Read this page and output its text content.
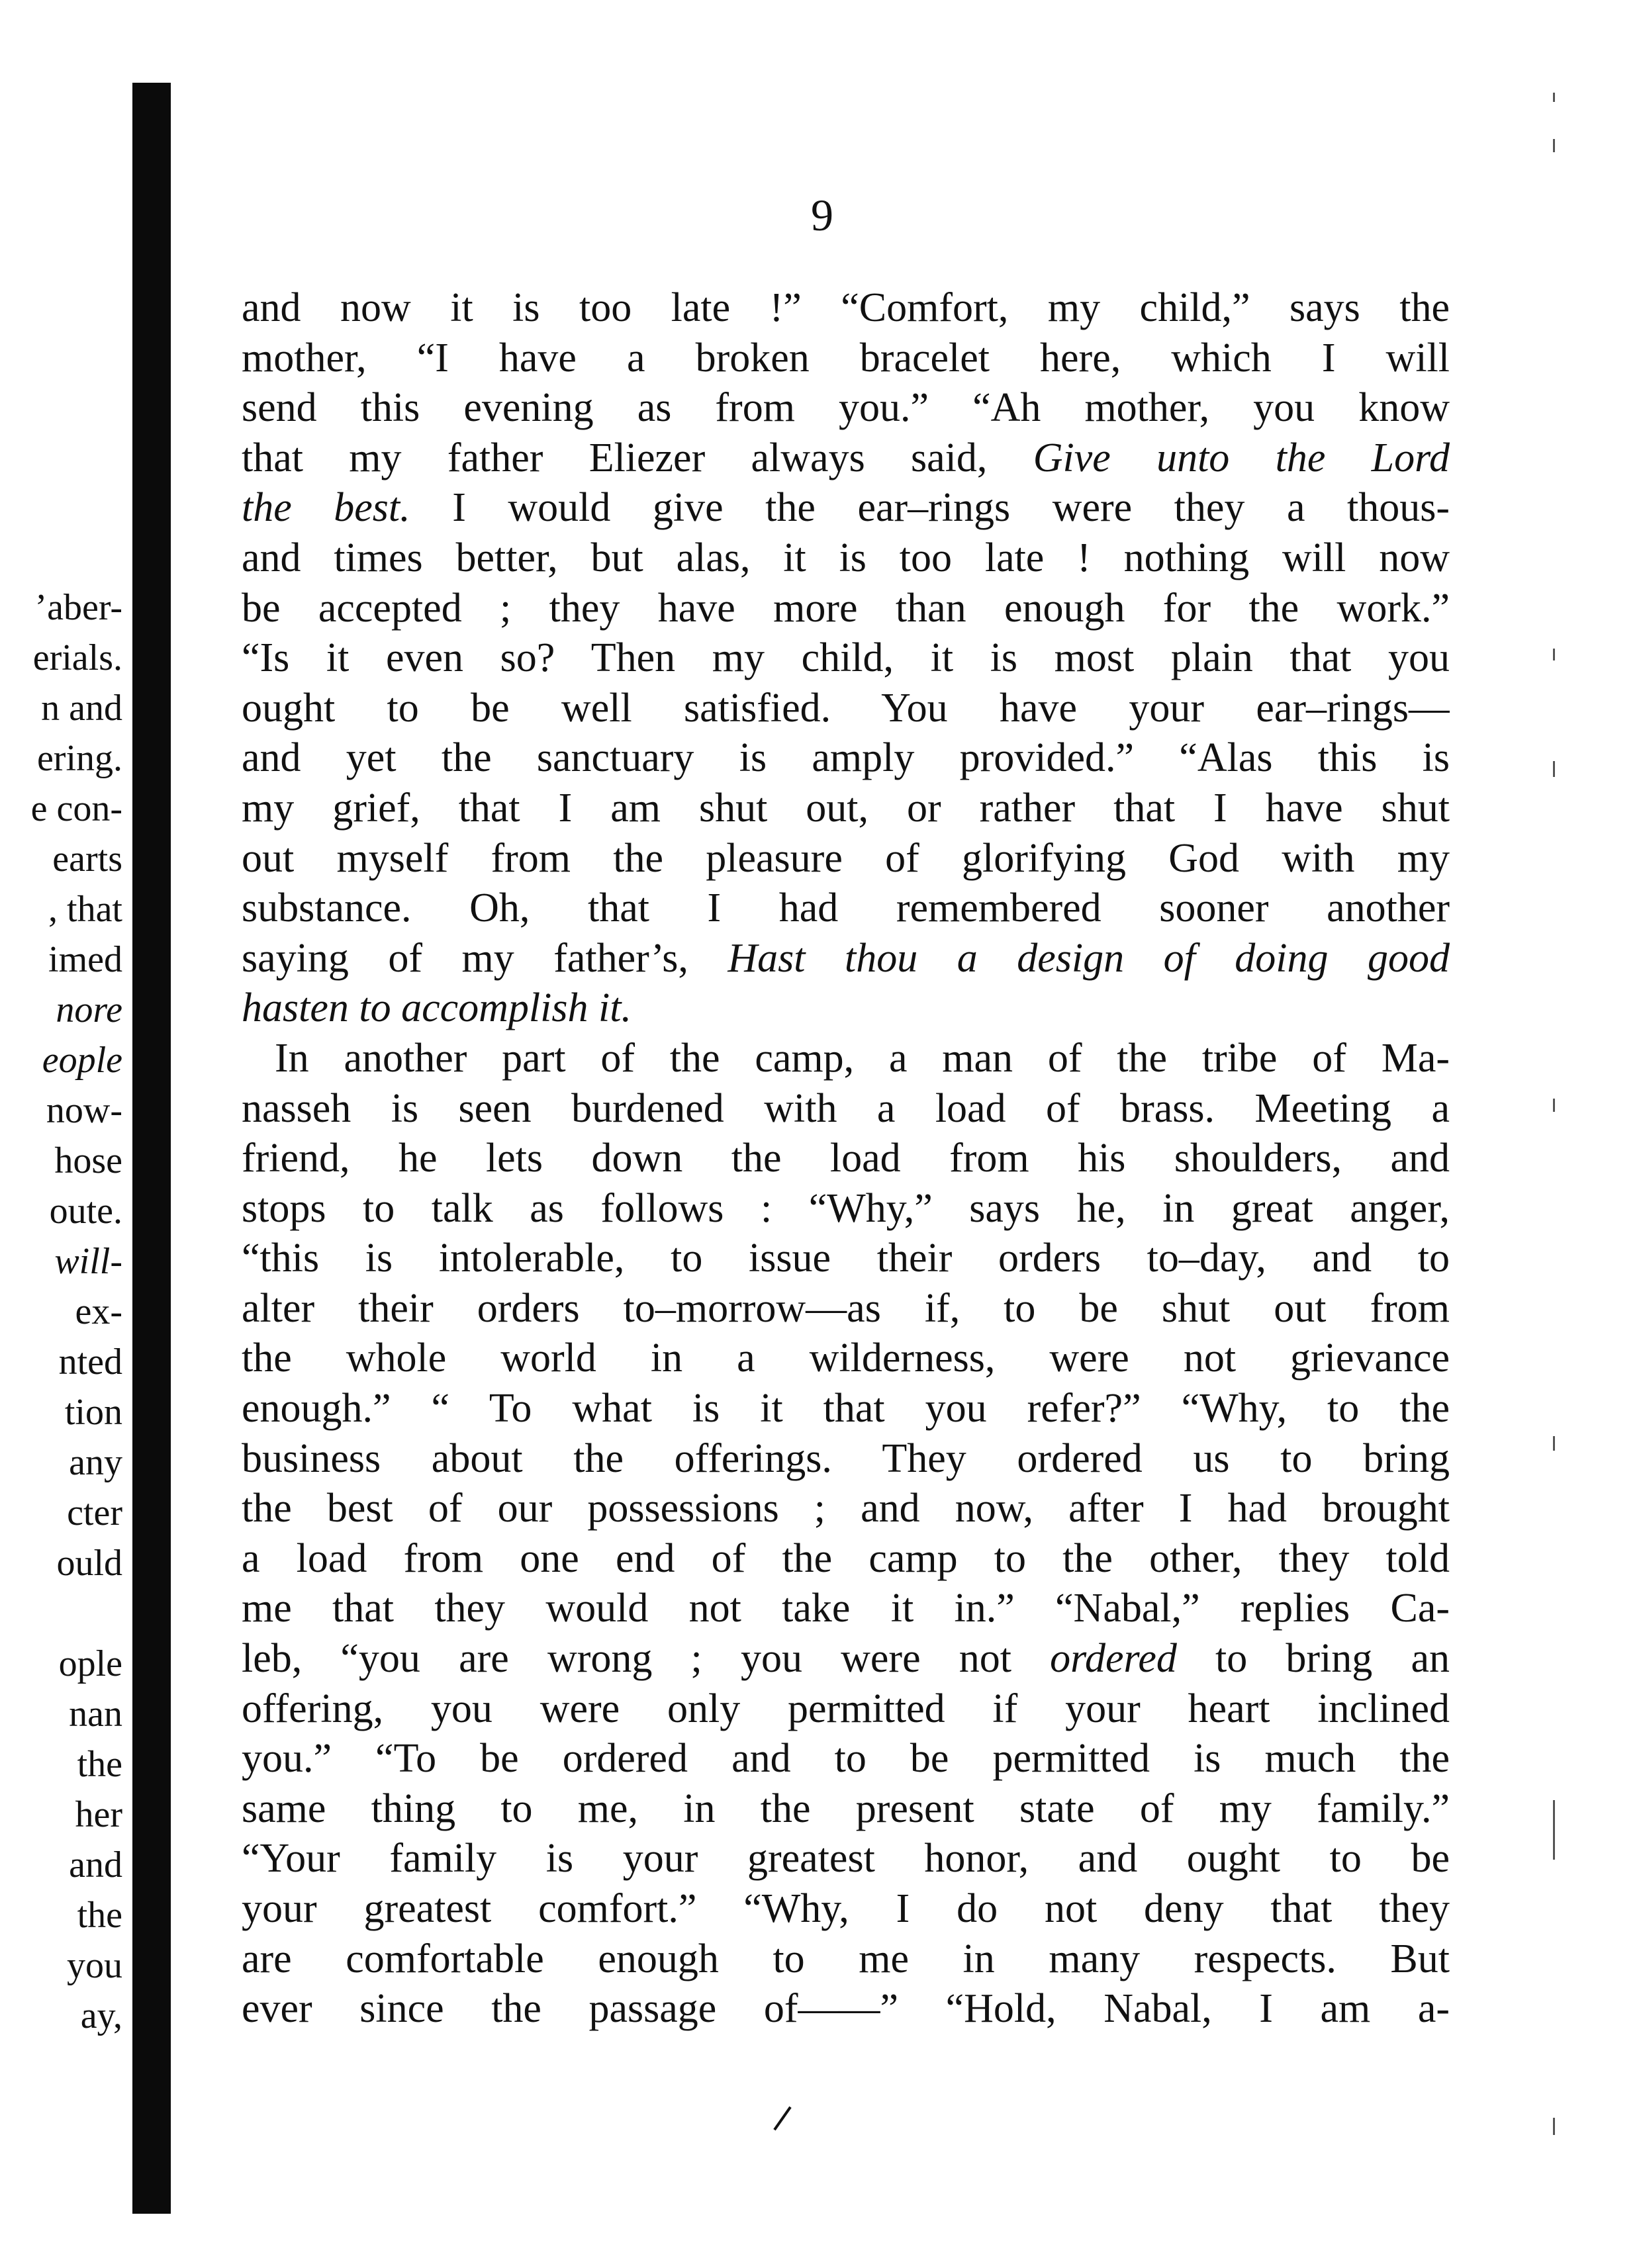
’aber-
erials.
n and
ering.
e con-
earts
, that
imed
nore
eople
now-
hose
oute.
will-
ex-
nted
tion
any
cter
ould
ople
nan
the
her
and
the
you
ay,
9
and now it is too late !” “Comfort, my child,” says the
mother, “I have a broken bracelet here, which I will
send this evening as from you.” “Ah mother, you know
that my father Eliezer always said, Give unto the Lord
the best. I would give the ear–rings were they a thous-
and times better, but alas, it is too late ! nothing will now
be accepted ; they have more than enough for the work.”
“Is it even so? Then my child, it is most plain that you
ought to be well satisfied. You have your ear–rings—
and yet the sanctuary is amply provided.” “Alas this is
my grief, that I am shut out, or rather that I have shut
out myself from the pleasure of glorifying God with my
substance. Oh, that I had remembered sooner another
saying of my father’s, Hast thou a design of doing good
hasten to accomplish it.
In another part of the camp, a man of the tribe of Ma-
nasseh is seen burdened with a load of brass. Meeting a
friend, he lets down the load from his shoulders, and
stops to talk as follows : “Why,” says he, in great anger,
“this is intolerable, to issue their orders to–day, and to
alter their orders to–morrow—as if, to be shut out from
the whole world in a wilderness, were not grievance
enough.” “ To what is it that you refer?” “Why, to the
business about the offerings. They ordered us to bring
the best of our possessions ; and now, after I had brought
a load from one end of the camp to the other, they told
me that they would not take it in.” “Nabal,” replies Ca-
leb, “you are wrong ; you were not ordered to bring an
offering, you were only permitted if your heart inclined
you.” “To be ordered and to be permitted is much the
same thing to me, in the present state of my family.”
“Your family is your greatest honor, and ought to be
your greatest comfort.” “Why, I do not deny that they
are comfortable enough to me in many respects. But
ever since the passage of——” “Hold, Nabal, I am a-
